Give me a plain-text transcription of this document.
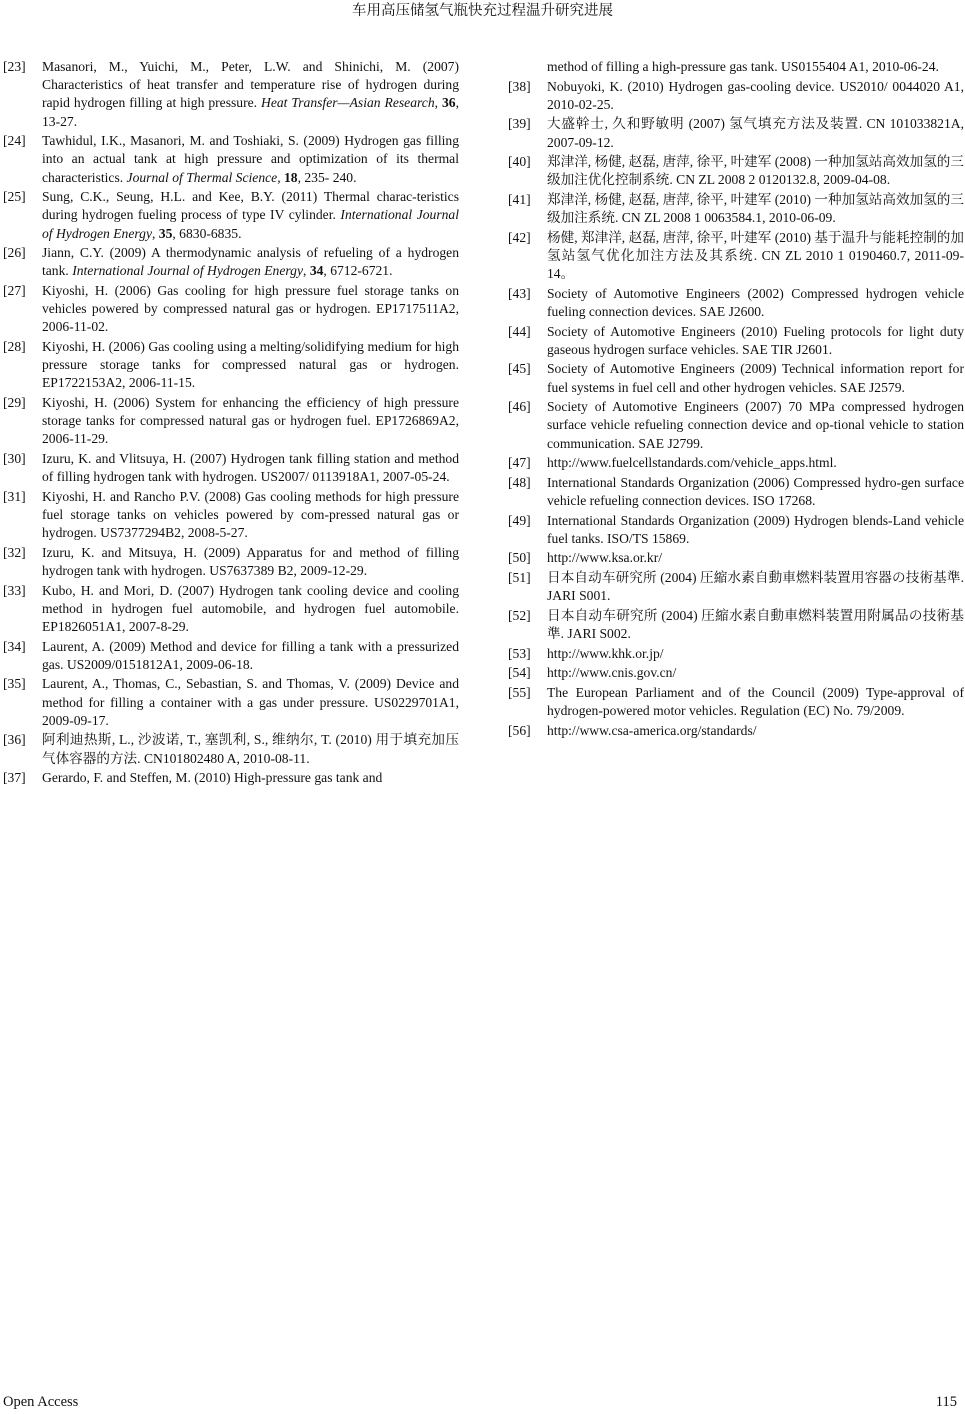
车用高压储氢气瓶快充过程温升研究进展
[23]	Masanori, M., Yuichi, M., Peter, L.W. and Shinichi, M. (2007) Characteristics of heat transfer and temperature rise of hydrogen during rapid hydrogen filling at high pressure. Heat Transfer—Asian Research, 36, 13-27.
[24]	Tawhidul, I.K., Masanori, M. and Toshiaki, S. (2009) Hydrogen gas filling into an actual tank at high pressure and optimization of its thermal characteristics. Journal of Thermal Science, 18, 235- 240.
[25]	Sung, C.K., Seung, H.L. and Kee, B.Y. (2011) Thermal charac-teristics during hydrogen fueling process of type IV cylinder. International Journal of Hydrogen Energy, 35, 6830-6835.
[26]	Jiann, C.Y. (2009) A thermodynamic analysis of refueling of a hydrogen tank. International Journal of Hydrogen Energy, 34, 6712-6721.
[27]	Kiyoshi, H. (2006) Gas cooling for high pressure fuel storage tanks on vehicles powered by compressed natural gas or hydrogen. EP1717511A2, 2006-11-02.
[28]	Kiyoshi, H. (2006) Gas cooling using a melting/solidifying medium for high pressure storage tanks for compressed natural gas or hydrogen. EP1722153A2, 2006-11-15.
[29]	Kiyoshi, H. (2006) System for enhancing the efficiency of high pressure storage tanks for compressed natural gas or hydrogen fuel. EP1726869A2, 2006-11-29.
[30]	Izuru, K. and Vlitsuya, H. (2007) Hydrogen tank filling station and method of filling hydrogen tank with hydrogen. US2007/ 0113918A1, 2007-05-24.
[31]	Kiyoshi, H. and Rancho P.V. (2008) Gas cooling methods for high pressure fuel storage tanks on vehicles powered by com-pressed natural gas or hydrogen. US7377294B2, 2008-5-27.
[32]	Izuru, K. and Mitsuya, H. (2009) Apparatus for and method of filling hydrogen tank with hydrogen. US7637389 B2, 2009-12-29.
[33]	Kubo, H. and Mori, D. (2007) Hydrogen tank cooling device and cooling method in hydrogen fuel automobile, and hydrogen fuel automobile. EP1826051A1, 2007-8-29.
[34]	Laurent, A. (2009) Method and device for filling a tank with a pressurized gas. US2009/0151812A1, 2009-06-18.
[35]	Laurent, A., Thomas, C., Sebastian, S. and Thomas, V. (2009) Device and method for filling a container with a gas under pressure. US0229701A1, 2009-09-17.
[36]	阿利迪热斯, L., 沙波诺, T., 塞凯利, S., 维纳尔, T. (2010) 用于填充加压气体容器的方法. CN101802480 A, 2010-08-11.
[37]	Gerardo, F. and Steffen, M. (2010) High-pressure gas tank and
method of filling a high-pressure gas tank. US0155404 A1, 2010-06-24.
[38]	Nobuyoki, K. (2010) Hydrogen gas-cooling device. US2010/ 0044020 A1, 2010-02-25.
[39]	大盛幹士, 久和野敏明 (2007) 氢气填充方法及装置. CN 101033821A, 2007-09-12.
[40]	郑津洋, 杨健, 赵磊, 唐萍, 徐平, 叶建军 (2008) 一种加氢站高效加氢的三级加注优化控制系统. CN ZL 2008 2 0120132.8, 2009-04-08.
[41]	郑津洋, 杨健, 赵磊, 唐萍, 徐平, 叶建军 (2010) 一种加氢站高效加氢的三级加注系统. CN ZL 2008 1 0063584.1, 2010-06-09.
[42]	杨健, 郑津洋, 赵磊, 唐萍, 徐平, 叶建军 (2010) 基于温升与能耗控制的加氢站氢气优化加注方法及其系统. CN ZL 2010 1 0190460.7, 2011-09-14。
[43]	Society of Automotive Engineers (2002) Compressed hydrogen vehicle fueling connection devices. SAE J2600.
[44]	Society of Automotive Engineers (2010) Fueling protocols for light duty gaseous hydrogen surface vehicles. SAE TIR J2601.
[45]	Society of Automotive Engineers (2009) Technical information report for fuel systems in fuel cell and other hydrogen vehicles. SAE J2579.
[46]	Society of Automotive Engineers (2007) 70 MPa compressed hydrogen surface vehicle refueling connection device and op-tional vehicle to station communication. SAE J2799.
[47]	http://www.fuelcellstandards.com/vehicle_apps.html.
[48]	International Standards Organization (2006) Compressed hydro-gen surface vehicle refueling connection devices. ISO 17268.
[49]	International Standards Organization (2009) Hydrogen blends-Land vehicle fuel tanks. ISO/TS 15869.
[50]	http://www.ksa.or.kr/
[51]	日本自动车研究所 (2004) 圧縮水素自動車燃料装置用容器の技術基準. JARI S001.
[52]	日本自动车研究所 (2004) 圧縮水素自動車燃料装置用附属品の技術基準. JARI S002.
[53]	http://www.khk.or.jp/
[54]	http://www.cnis.gov.cn/
[55]	The European Parliament and of the Council (2009) Type-approval of hydrogen-powered motor vehicles. Regulation (EC) No. 79/2009.
[56]	http://www.csa-america.org/standards/
Open Access	115
